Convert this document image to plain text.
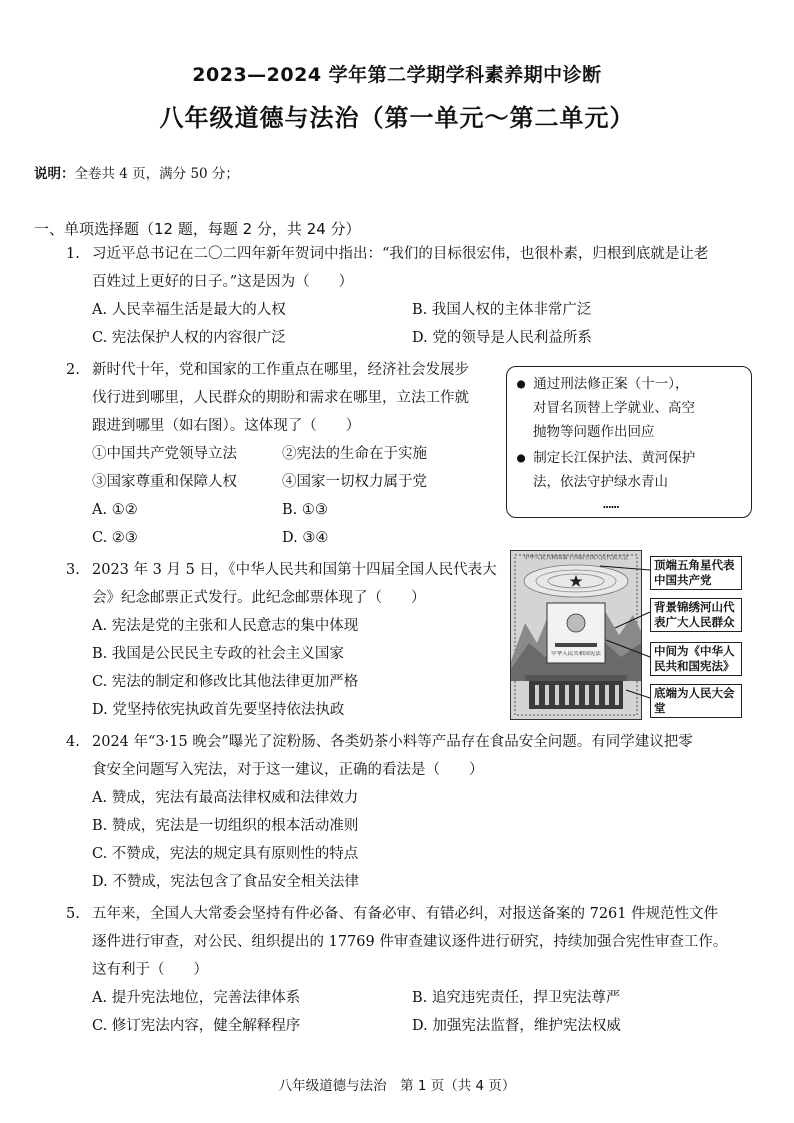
2023—2024 学年第二学期学科素养期中诊断
八年级道德与法治（第一单元～第二单元）
说明：全卷共 4 页，满分 50 分；
一、单项选择题（12 题，每题 2 分，共 24 分）
1. 习近平总书记在二〇二四年新年贺词中指出：“我们的目标很宏伟，也很朴素，归根到底就是让老
百姓过上更好的日子。”这是因为（　　）
A. 人民幸福生活是最大的人权	B. 我国人权的主体非常广泛
C. 宪法保护人权的内容很广泛	D. 党的领导是人民利益所系
2. 新时代十年，党和国家的工作重点在哪里，经济社会发展步
伐行进到哪里，人民群众的期盼和需求在哪里，立法工作就
跟进到哪里（如右图）。这体现了（　　）
①中国共产党领导立法	②宪法的生命在于实施
③国家尊重和保障人权	④国家一切权力属于党
A. ①②	B. ①③
C. ②③	D. ③④
● 通过刑法修正案（十一），
对冒名顶替上学就业、高空
抛物等问题作出回应
● 制定长江保护法、黄河保护
法，依法守护绿水青山
……
3. 2023 年 3 月 5 日，《中华人民共和国第十四届全国人民代表大
会》纪念邮票正式发行。此纪念邮票体现了（　　）
A. 宪法是党的主张和人民意志的集中体现
B. 我国是公民民主专政的社会主义国家
C. 宪法的制定和修改比其他法律更加严格
D. 党坚持依宪执政首先要坚持依法执政
中华人民共和国第十四届全国人民代表大会
中华人民共和国宪法
顶端五角星代表中国共产党
背景锦绣河山代表广大人民群众
中间为《中华人民共和国宪法》
底端为人民大会堂
4. 2024 年“3·15 晚会”曝光了淀粉肠、各类奶茶小料等产品存在食品安全问题。有同学建议把零
食安全问题写入宪法，对于这一建议，正确的看法是（　　）
A. 赞成，宪法有最高法律权威和法律效力
B. 赞成，宪法是一切组织的根本活动准则
C. 不赞成，宪法的规定具有原则性的特点
D. 不赞成，宪法包含了食品安全相关法律
5. 五年来，全国人大常委会坚持有件必备、有备必审、有错必纠，对报送备案的 7261 件规范性文件
逐件进行审查，对公民、组织提出的 17769 件审查建议逐件进行研究，持续加强合宪性审查工作。
这有利于（　　）
A. 提升宪法地位，完善法律体系	B. 追究违宪责任，捍卫宪法尊严
C. 修订宪法内容，健全解释程序	D. 加强宪法监督，维护宪法权威
八年级道德与法治　第 1 页（共 4 页）
